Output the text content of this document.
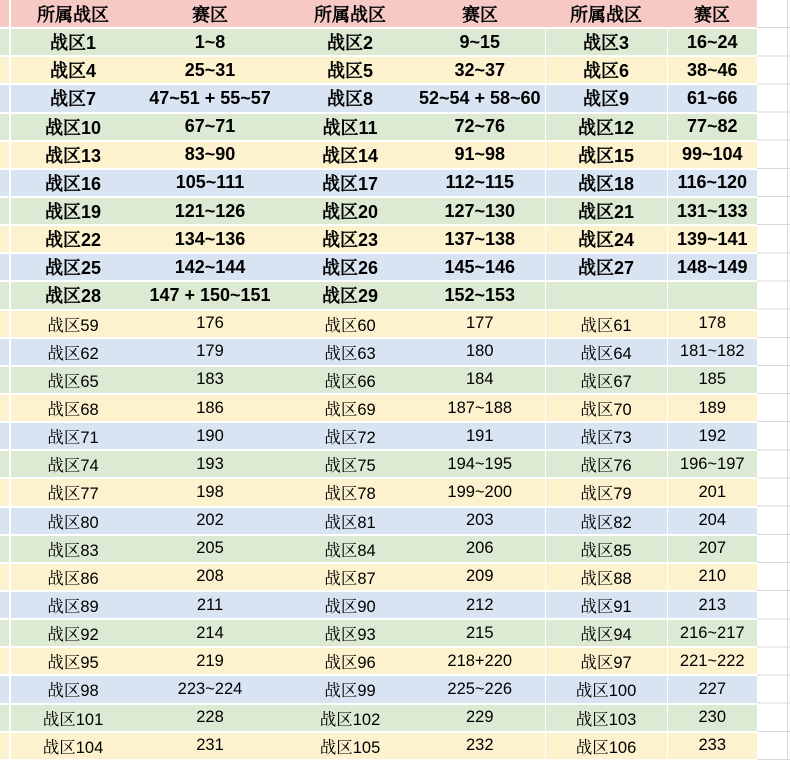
	所属战区	赛区	所属战区	赛区	所属战区	赛区
	战区1	1~8	战区2	9~15	战区3	16~24
	战区4	25~31	战区5	32~37	战区6	38~46
	战区7	47~51 + 55~57	战区8	52~54 + 58~60	战区9	61~66
	战区10	67~71	战区11	72~76	战区12	77~82
	战区13	83~90	战区14	91~98	战区15	99~104
	战区16	105~111	战区17	112~115	战区18	116~120
	战区19	121~126	战区20	127~130	战区21	131~133
	战区22	134~136	战区23	137~138	战区24	139~141
	战区25	142~144	战区26	145~146	战区27	148~149
	战区28	147 + 150~151	战区29	152~153		
	战区59	176	战区60	177	战区61	178
	战区62	179	战区63	180	战区64	181~182
	战区65	183	战区66	184	战区67	185
	战区68	186	战区69	187~188	战区70	189
	战区71	190	战区72	191	战区73	192
	战区74	193	战区75	194~195	战区76	196~197
	战区77	198	战区78	199~200	战区79	201
	战区80	202	战区81	203	战区82	204
	战区83	205	战区84	206	战区85	207
	战区86	208	战区87	209	战区88	210
	战区89	211	战区90	212	战区91	213
	战区92	214	战区93	215	战区94	216~217
	战区95	219	战区96	218+220	战区97	221~222
	战区98	223~224	战区99	225~226	战区100	227
	战区101	228	战区102	229	战区103	230
	战区104	231	战区105	232	战区106	233
